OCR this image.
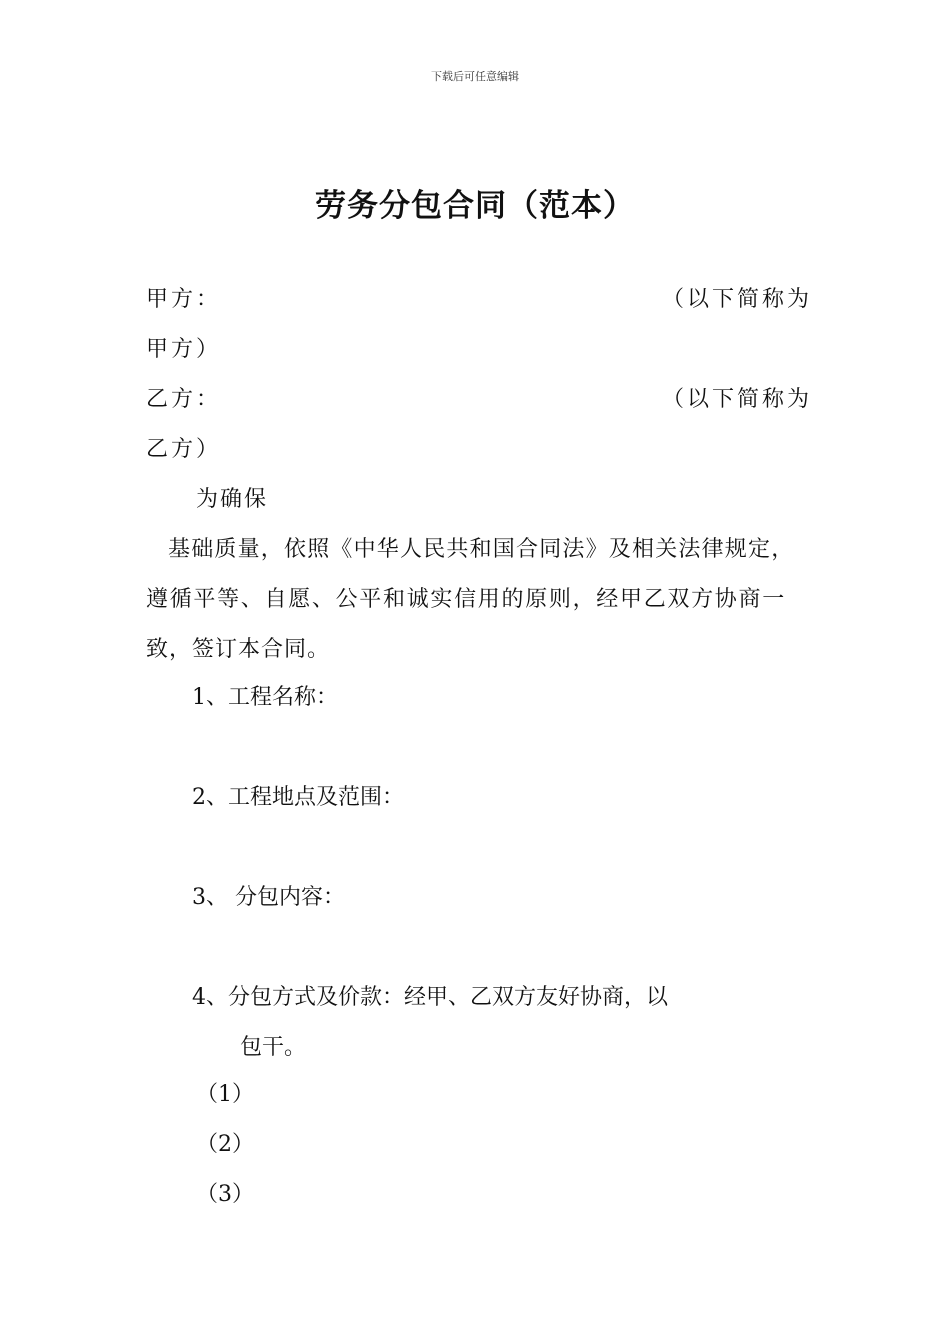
下载后可任意编辑
劳务分包合同（范本）
甲方：	（以下简称为
甲方）
乙方：	（以下简称为
乙方）
为确保
基础质量，依照《中华人民共和国合同法》及相关法律规定，
遵循平等、自愿、公平和诚实信用的原则，经甲乙双方协商一
致，签订本合同。
1、工程名称：
2、工程地点及范围：
3、 分包内容：
4、分包方式及价款：经甲、乙双方友好协商，以
包干。
（1）
（2）
（3）
